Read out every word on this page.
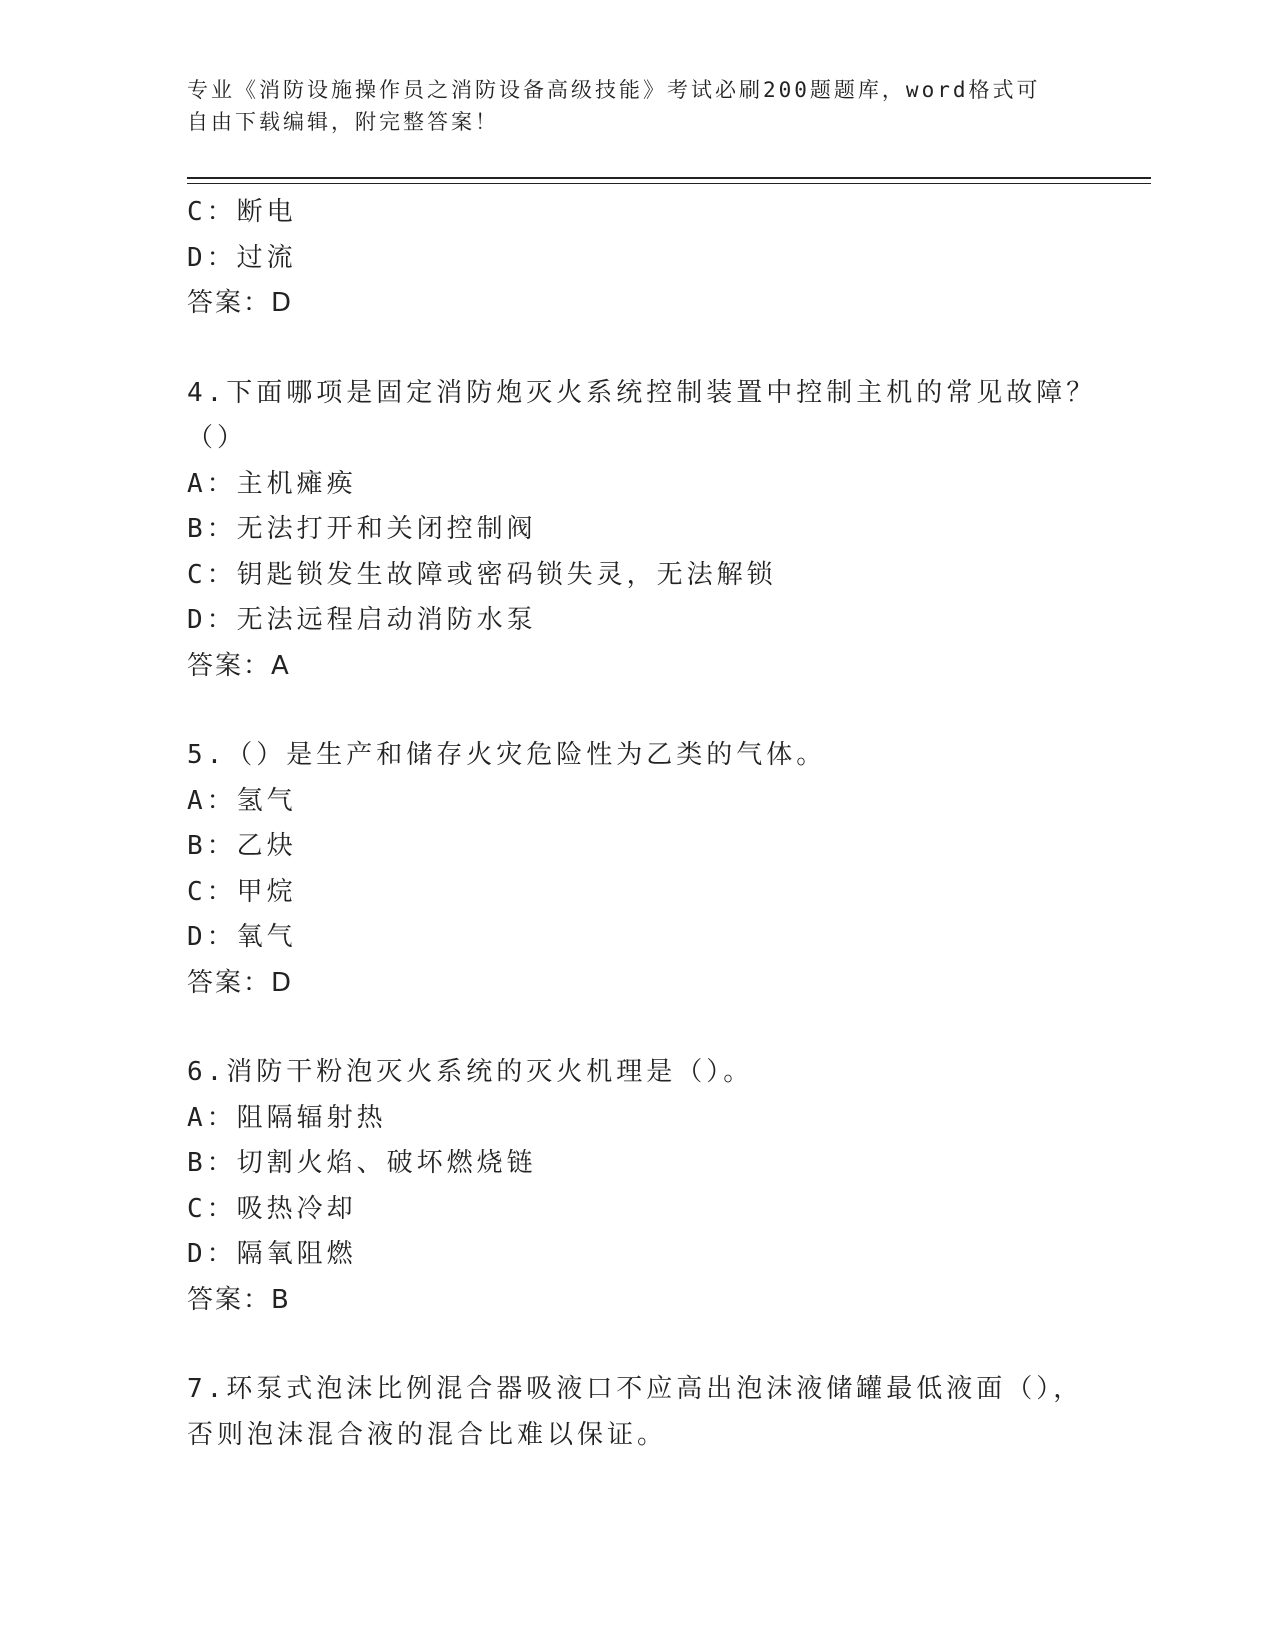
专业《消防设施操作员之消防设备高级技能》考试必刷200题题库，word格式可
自由下载编辑，附完整答案！
C：断电
D：过流
答案：D
4.下面哪项是固定消防炮灭火系统控制装置中控制主机的常见故障？
（）
A：主机瘫痪
B：无法打开和关闭控制阀
C：钥匙锁发生故障或密码锁失灵，无法解锁
D：无法远程启动消防水泵
答案：A
5.（）是生产和储存火灾危险性为乙类的气体。
A：氢气
B：乙炔
C：甲烷
D：氧气
答案：D
6.消防干粉泡灭火系统的灭火机理是（）。
A：阻隔辐射热
B：切割火焰、破坏燃烧链
C：吸热冷却
D：隔氧阻燃
答案：B
7.环泵式泡沫比例混合器吸液口不应高出泡沫液储罐最低液面（），
否则泡沫混合液的混合比难以保证。
